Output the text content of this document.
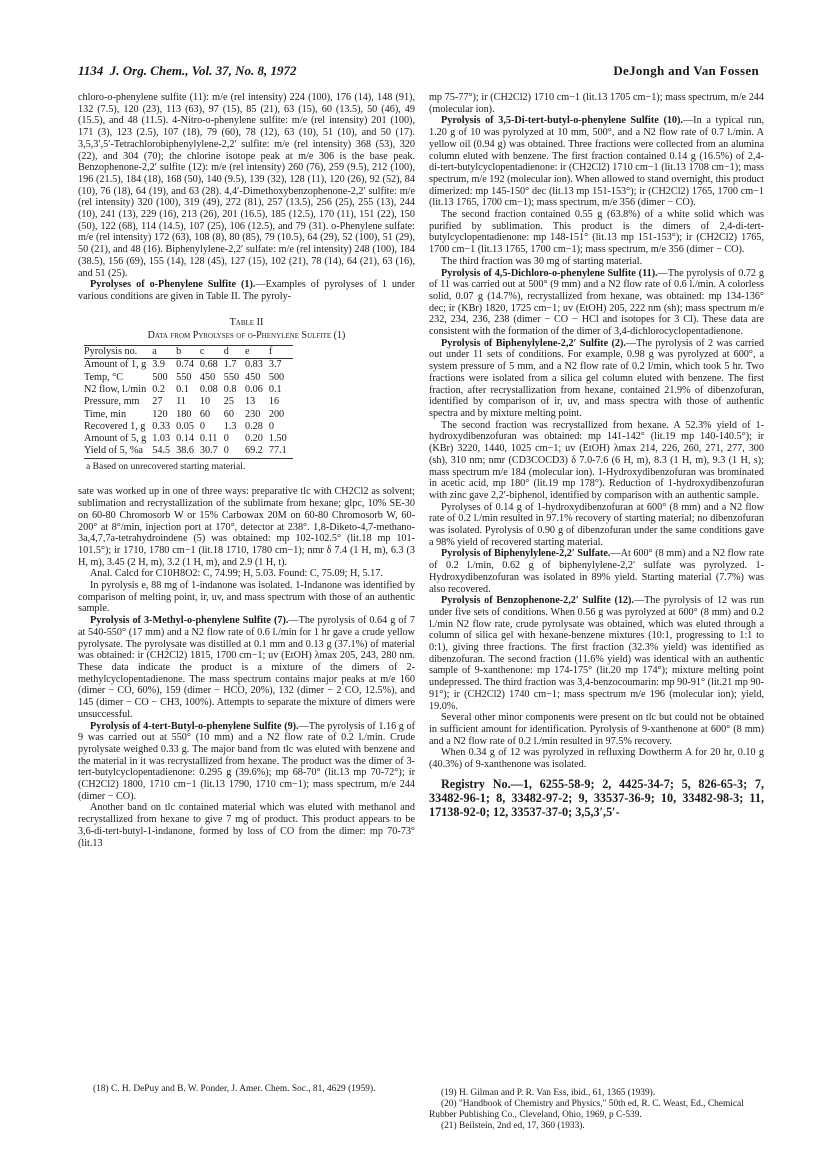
1134 J. Org. Chem., Vol. 37, No. 8, 1972	DeJongh and Van Fossen

chloro-o-phenylene sulfite (11): m/e (rel intensity) 224 (100), 176 (14), 148 (91), 132 (7.5), 120 (23), 113 (63), 97 (15), 85 (21), 63 (15), 60 (13.5), 50 (46), 49 (15.5), and 48 (11.5). 4-Nitro-o-phenylene sulfite: m/e (rel intensity) 201 (100), 171 (3), 123 (2.5), 107 (18), 79 (60), 78 (12), 63 (10), 51 (10), and 50 (17). 3,5,3′,5′-Tetrachlorobiphenylylene-2,2′ sulfite: m/e (rel intensity) 368 (53), 320 (22), and 304 (70); the chlorine isotope peak at m/e 306 is the base peak. Benzophenone-2,2′ sulfite (12): m/e (rel intensity) 260 (76), 259 (9.5), 212 (100), 196 (21.5), 184 (18), 168 (50), 140 (9.5), 139 (32), 128 (11), 120 (26), 92 (52), 84 (10), 76 (18), 64 (19), and 63 (28). 4,4′-Dimethoxybenzophenone-2,2′ sulfite: m/e (rel intensity) 320 (100), 319 (49), 272 (81), 257 (13.5), 256 (25), 255 (13), 244 (10), 241 (13), 229 (16), 213 (26), 201 (16.5), 185 (12.5), 170 (11), 151 (22), 150 (50), 122 (68), 114 (14.5), 107 (25), 106 (12.5), and 79 (31). o-Phenylene sulfate: m/e (rel intensity) 172 (63), 108 (8), 80 (85), 79 (10.5), 64 (29), 52 (100), 51 (29), 50 (21), and 48 (16). Biphenylylene-2,2′ sulfate: m/e (rel intensity) 248 (100), 184 (38.5), 156 (69), 155 (14), 128 (45), 127 (15), 102 (21), 78 (14), 64 (21), 63 (16), and 51 (25).

Pyrolyses of o-Phenylene Sulfite (1).—Examples of pyrolyses of 1 under various conditions are given in Table II. The pyroly-

Table II
Data from Pyrolyses of o-Phenylene Sulfite (1)
Pyrolysis no.	a	b	c	d	e	f
Amount of 1, g	3.9	0.74	0.68	1.7	0.83	3.7
Temp, °C	500	550	450	550	450	500
N2 flow, l./min	0.2	0.1	0.08	0.8	0.06	0.1
Pressure, mm	27	11	10	25	13	16
Time, min	120	180	60	60	230	200
Recovered 1, g	0.33	0.05	0	1.3	0.28	0
Amount of 5, g	1.03	0.14	0.11	0	0.20	1.50
Yield of 5, %a	54.5	38.6	30.7	0	69.2	77.1
a Based on unrecovered starting material.

sate was worked up in one of three ways: preparative tlc with CH2Cl2 as solvent; sublimation and recrystallization of the sublimate from hexane; glpc, 10% SE-30 on 60-80 Chromosorb W or 15% Carbowax 20M on 60-80 Chromosorb W, 60-200° at 8°/min, injection port at 170°, detector at 238°. 1,8-Diketo-4,7-methano-3a,4,7,7a-tetrahydroindene (5) was obtained: mp 102-102.5° (lit.18 mp 101-101.5°); ir 1710, 1780 cm−1 (lit.18 1710, 1780 cm−1); nmr δ 7.4 (1 H, m), 6.3 (3 H, m), 3.45 (2 H, m), 3.2 (1 H, m), and 2.9 (1 H, t).

Anal. Calcd for C10H8O2: C, 74.99; H, 5.03. Found: C, 75.09; H, 5.17.

In pyrolysis e, 88 mg of 1-indanone was isolated. 1-Indanone was identified by comparison of melting point, ir, uv, and mass spectrum with those of an authentic sample.

Pyrolysis of 3-Methyl-o-phenylene Sulfite (7).—The pyrolysis of 0.64 g of 7 at 540-550° (17 mm) and a N2 flow rate of 0.6 l./min for 1 hr gave a crude yellow pyrolysate. The pyrolysate was distilled at 0.1 mm and 0.13 g (37.1%) of material was obtained: ir (CH2Cl2) 1815, 1700 cm−1; uv (EtOH) λmax 205, 243, 280 nm. These data indicate the product is a mixture of the dimers of 2-methylcyclopentadienone. The mass spectrum contains major peaks at m/e 160 (dimer − CO, 60%), 159 (dimer − HCO, 20%), 132 (dimer − 2 CO, 12.5%), and 145 (dimer − CO − CH3, 100%). Attempts to separate the mixture of dimers were unsuccessful.

Pyrolysis of 4-tert-Butyl-o-phenylene Sulfite (9).—The pyrolysis of 1.16 g of 9 was carried out at 550° (10 mm) and a N2 flow rate of 0.2 l./min. Crude pyrolysate weighed 0.33 g. The major band from tlc was eluted with benzene and the material in it was recrystallized from hexane. The product was the dimer of 3-tert-butylcyclopentadienone: 0.295 g (39.6%); mp 68-70° (lit.13 mp 70-72°); ir (CH2Cl2) 1800, 1710 cm−1 (lit.13 1790, 1710 cm−1); mass spectrum, m/e 244 (dimer − CO).

Another band on tlc contained material which was eluted with methanol and recrystallized from hexane to give 7 mg of product. This product appears to be 3,6-di-tert-butyl-1-indanone, formed by loss of CO from the dimer: mp 70-73° (lit.13

(18) C. H. DePuy and B. W. Ponder, J. Amer. Chem. Soc., 81, 4629 (1959).

mp 75-77°); ir (CH2Cl2) 1710 cm−1 (lit.13 1705 cm−1); mass spectrum, m/e 244 (molecular ion).

Pyrolysis of 3,5-Di-tert-butyl-o-phenylene Sulfite (10).—In a typical run, 1.20 g of 10 was pyrolyzed at 10 mm, 500°, and a N2 flow rate of 0.7 l./min. A yellow oil (0.94 g) was obtained. Three fractions were collected from an alumina column eluted with benzene. The first fraction contained 0.14 g (16.5%) of 2,4-di-tert-butylcyclopentadienone: ir (CH2Cl2) 1710 cm−1 (lit.13 1708 cm−1); mass spectrum, m/e 192 (molecular ion). When allowed to stand overnight, this product dimerized: mp 145-150° dec (lit.13 mp 151-153°); ir (CH2Cl2) 1765, 1700 cm−1 (lit.13 1765, 1700 cm−1); mass spectrum, m/e 356 (dimer − CO).

The second fraction contained 0.55 g (63.8%) of a white solid which was purified by sublimation. This product is the dimers of 2,4-di-tert-butylcyclopentadienone: mp 148-151° (lit.13 mp 151-153°); ir (CH2Cl2) 1765, 1700 cm−1 (lit.13 1765, 1700 cm−1); mass spectrum, m/e 356 (dimer − CO).

The third fraction was 30 mg of starting material.

Pyrolysis of 4,5-Dichloro-o-phenylene Sulfite (11).—The pyrolysis of 0.72 g of 11 was carried out at 500° (9 mm) and a N2 flow rate of 0.6 l./min. A colorless solid, 0.07 g (14.7%), recrystallized from hexane, was obtained: mp 134-136° dec; ir (KBr) 1820, 1725 cm−1; uv (EtOH) 205, 222 nm (sh); mass spectrum m/e 232, 234, 236, 238 (dimer − CO − HCl and isotopes for 3 Cl). These data are consistent with the formation of the dimer of 3,4-dichlorocyclopentadienone.

Pyrolysis of Biphenylylene-2,2′ Sulfite (2).—The pyrolysis of 2 was carried out under 11 sets of conditions. For example, 0.98 g was pyrolyzed at 600°, a system pressure of 5 mm, and a N2 flow rate of 0.2 l/min, which took 5 hr. Two fractions were isolated from a silica gel column eluted with benzene. The first fraction, after recrystallization from hexane, contained 21.9% of dibenzofuran, identified by comparison of ir, uv, and mass spectra with those of authentic spectra and by mixture melting point.

The second fraction was recrystallized from hexane. A 52.3% yield of 1-hydroxydibenzofuran was obtained: mp 141-142° (lit.19 mp 140-140.5°); ir (KBr) 3220, 1440, 1025 cm−1; uv (EtOH) λmax 214, 226, 260, 271, 277, 300 (sh), 310 nm; nmr (CD3COCD3) δ 7.0-7.6 (6 H, m), 8.3 (1 H, m), 9.3 (1 H, s); mass spectrum m/e 184 (molecular ion). 1-Hydroxydibenzofuran was brominated in acetic acid, mp 180° (lit.19 mp 178°). Reduction of 1-hydroxydibenzofuran with zinc gave 2,2′-biphenol, identified by comparison with an authentic sample.

Pyrolyses of 0.14 g of 1-hydroxydibenzofuran at 600° (8 mm) and a N2 flow rate of 0.2 l./min resulted in 97.1% recovery of starting material; no dibenzofuran was isolated. Pyrolysis of 0.90 g of dibenzofuran under the same conditions gave a 98% yield of recovered starting material.

Pyrolysis of Biphenylylene-2,2′ Sulfate.—At 600° (8 mm) and a N2 flow rate of 0.2 l./min, 0.62 g of biphenylylene-2,2′ sulfate was pyrolyzed. 1-Hydroxydibenzofuran was isolated in 89% yield. Starting material (7.7%) was also recovered.

Pyrolysis of Benzophenone-2,2′ Sulfite (12).—The pyrolysis of 12 was run under five sets of conditions. When 0.56 g was pyrolyzed at 600° (8 mm) and 0.2 l./min N2 flow rate, crude pyrolysate was obtained, which was eluted through a column of silica gel with hexane-benzene mixtures (10:1, progressing to 1:1 to 0:1), giving three fractions. The first fraction (32.3% yield) was identified as dibenzofuran. The second fraction (11.6% yield) was identical with an authentic sample of 9-xanthenone: mp 174-175° (lit.20 mp 174°); mixture melting point undepressed. The third fraction was 3,4-benzocoumarin: mp 90-91° (lit.21 mp 90-91°); ir (CH2Cl2) 1740 cm−1; mass spectrum m/e 196 (molecular ion); yield, 19.0%.

Several other minor components were present on tlc but could not be obtained in sufficient amount for identification. Pyrolysis of 9-xanthenone at 600° (8 mm) and a N2 flow rate of 0.2 l./min resulted in 97.5% recovery.

When 0.34 g of 12 was pyrolyzed in refluxing Dowtherm A for 20 hr, 0.10 g (40.3%) of 9-xanthenone was isolated.

Registry No.—1, 6255-58-9; 2, 4425-34-7; 5, 826-65-3; 7, 33482-96-1; 8, 33482-97-2; 9, 33537-36-9; 10, 33482-98-3; 11, 17138-92-0; 12, 33537-37-0; 3,5,3′,5′-

(19) H. Gilman and P. R. Van Ess, ibid., 61, 1365 (1939).
(20) "Handbook of Chemistry and Physics," 50th ed, R. C. Weast, Ed., Chemical Rubber Publishing Co., Cleveland, Ohio, 1969, p C-539.
(21) Beilstein, 2nd ed, 17, 360 (1933).
